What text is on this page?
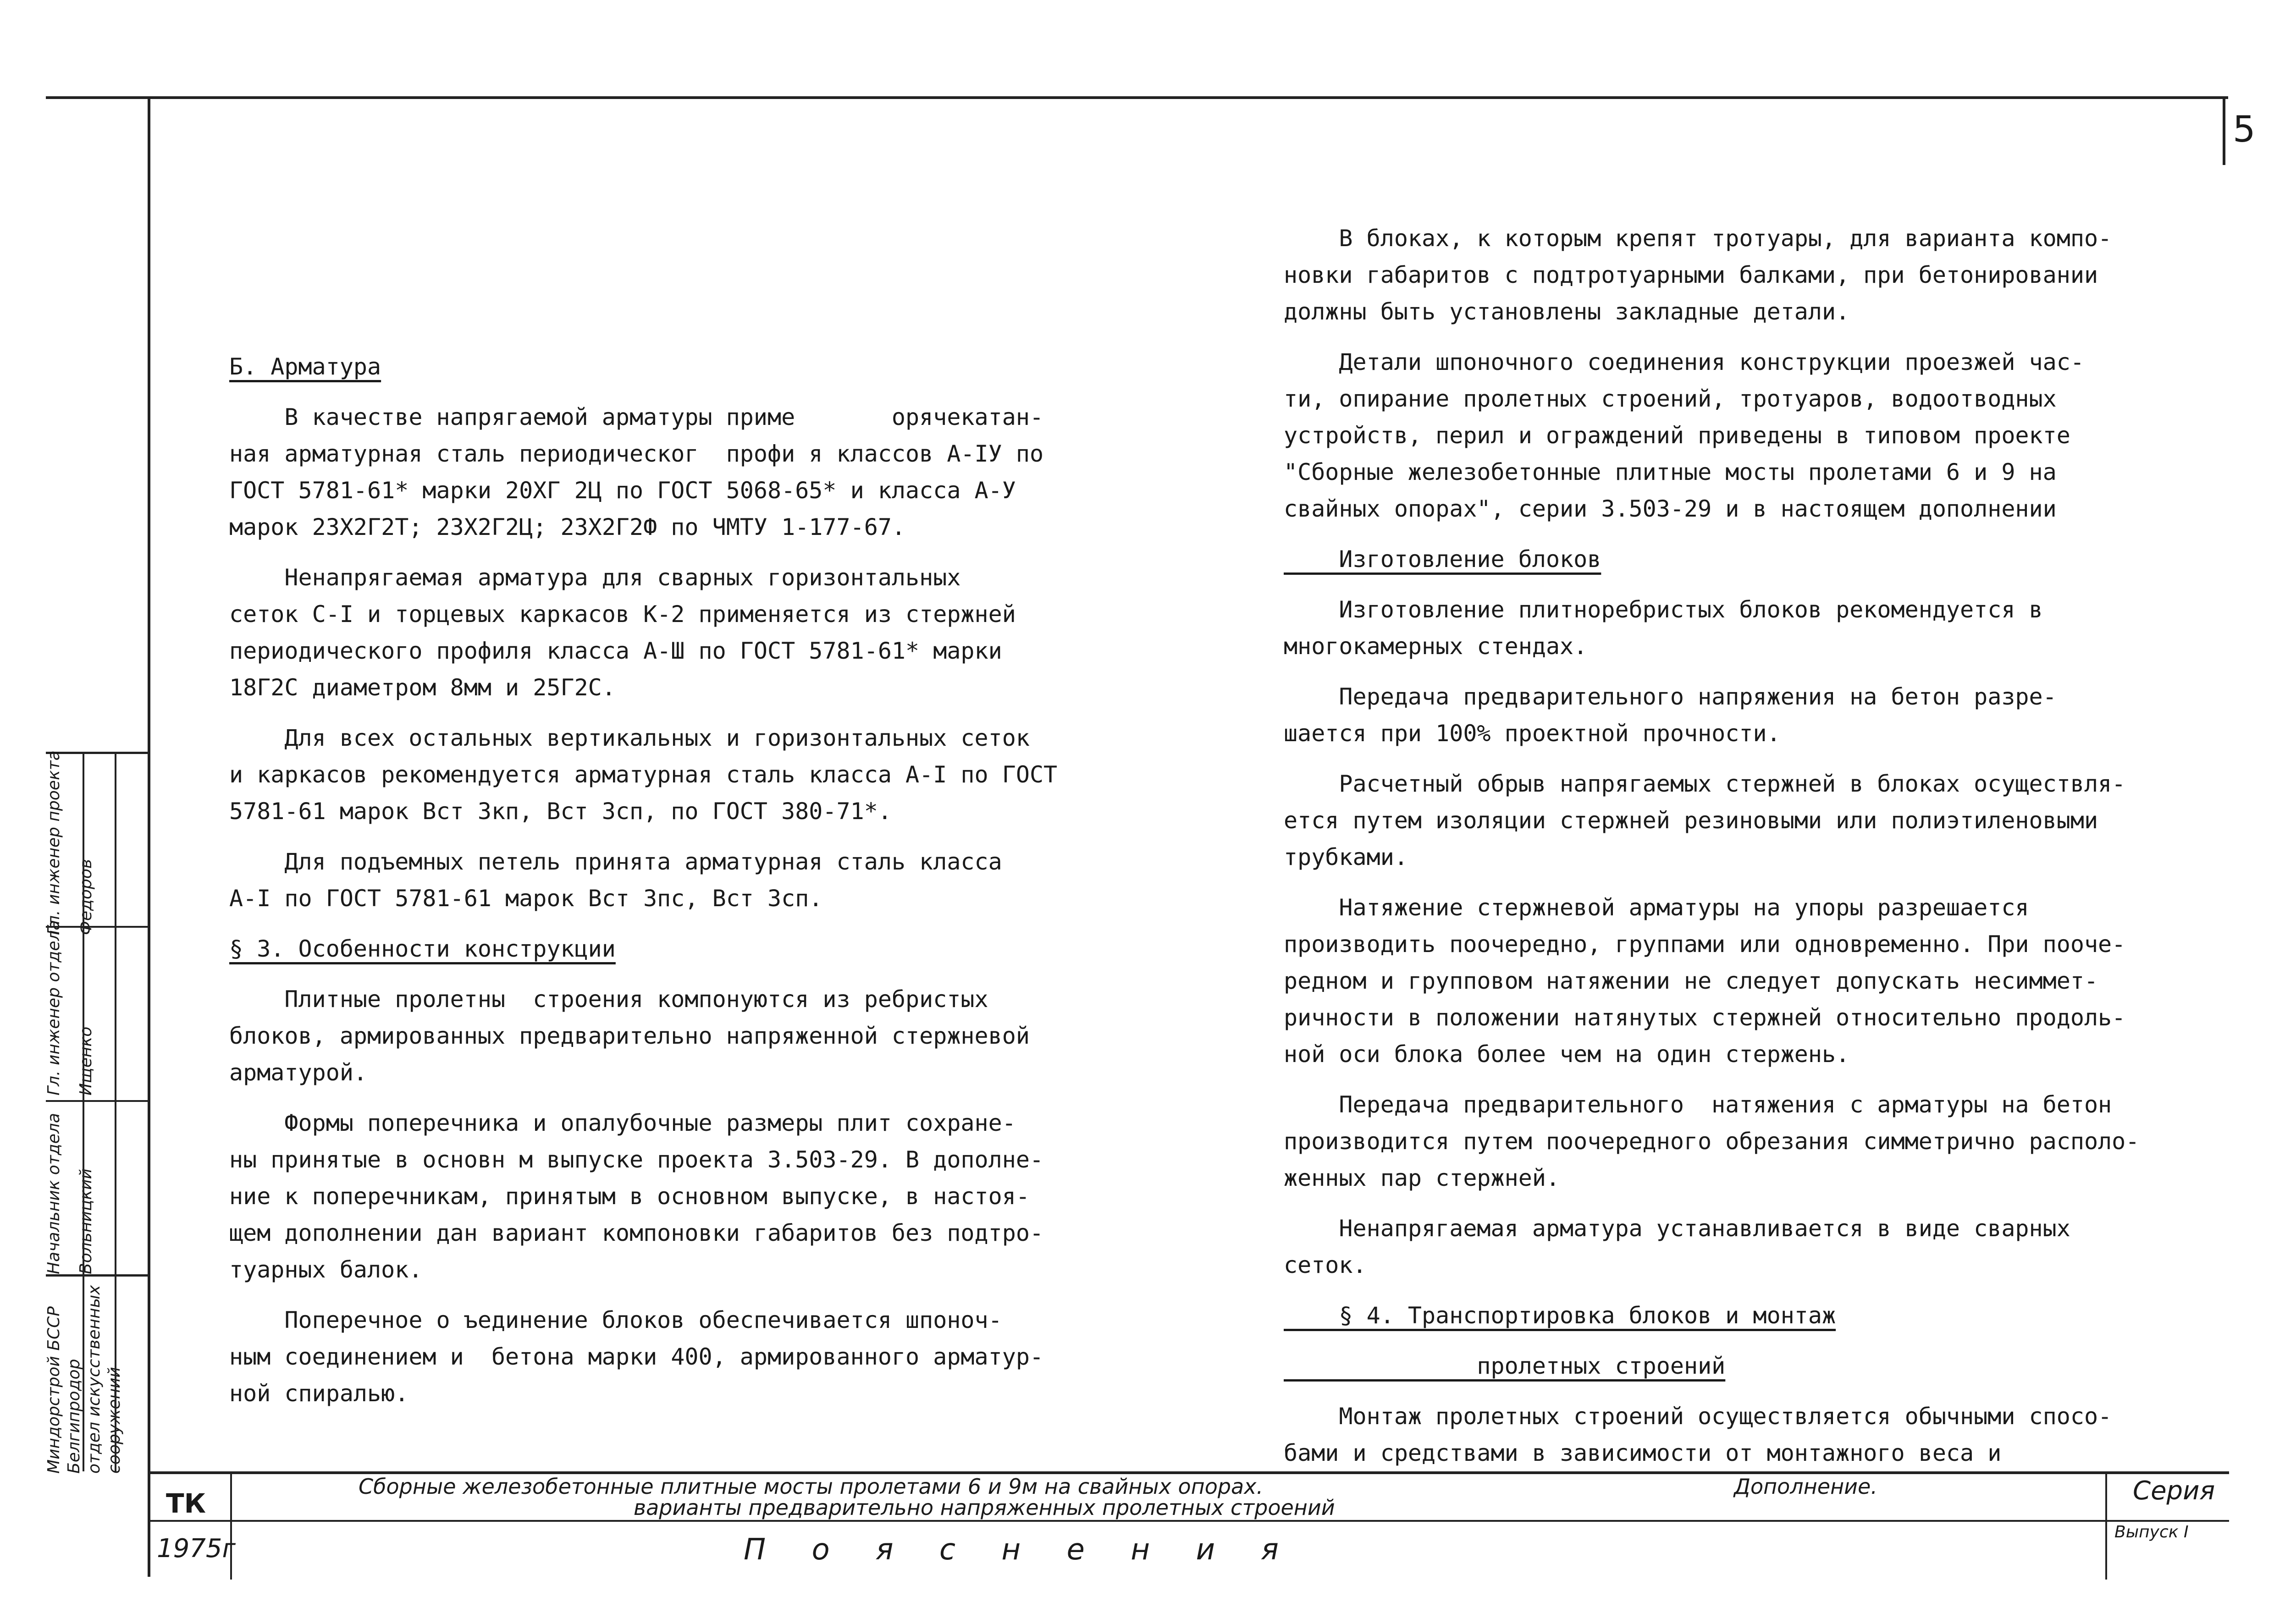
5

Б. Арматура

В качестве напрягаемой арматуры приме       орячекатан-

ная арматурная сталь периодическог  профи я классов А-IУ по

ГОСТ 5781-61* марки 20ХГ 2Ц по ГОСТ 5068-65* и класса А-У

марок 23Х2Г2Т; 23Х2Г2Ц; 23Х2Г2Ф по ЧМТУ 1-177-67.

Ненапрягаемая арматура для сварных горизонтальных

сеток С-I и торцевых каркасов К-2 применяется из стержней

периодического профиля класса А-Ш по ГОСТ 5781-61* марки

18Г2С диаметром 8мм и 25Г2С.

Для всех остальных вертикальных и горизонтальных сеток

и каркасов рекомендуется арматурная сталь класса А-I по ГОСТ

5781-61 марок Вст 3кп, Вст 3сп, по ГОСТ 380-71*.

Для подъемных петель принята арматурная сталь класса

А-I по ГОСТ 5781-61 марок Вст 3пс, Вст 3сп.

§ 3. Особенности конструкции

Плитные пролетны  строения компонуются из ребристых

блоков, армированных предварительно напряженной стержневой

арматурой.

Формы поперечника и опалубочные размеры плит сохране-

ны принятые в основн м выпуске проекта 3.503-29. В дополне-

ние к поперечникам, принятым в основном выпуске, в настоя-

щем дополнении дан вариант компоновки габаритов без подтро-

туарных балок.

Поперечное о ъединение блоков обеспечивается шпоноч-

ным соединением и  бетона марки 400, армированного арматур-

ной спиралью.

В блоках, к которым крепят тротуары, для варианта компо-

новки габаритов с подтротуарными балками, при бетонировании

должны быть установлены закладные детали.

Детали шпоночного соединения конструкции проезжей час-

ти, опирание пролетных строений, тротуаров, водоотводных

устройств, перил и ограждений приведены в типовом проекте

"Сборные железобетонные плитные мосты пролетами 6 и 9 на

свайных опорах", серии 3.503-29 и в настоящем дополнении

Изготовление блоков

Изготовление плитноребристых блоков рекомендуется в

многокамерных стендах.

Передача предварительного напряжения на бетон разре-

шается при 100% проектной прочности.

Расчетный обрыв напрягаемых стержней в блоках осуществля-

ется путем изоляции стержней резиновыми или полиэтиленовыми

трубками.

Натяжение стержневой арматуры на упоры разрешается

производить поочередно, группами или одновременно. При пооче-

редном и групповом натяжении не следует допускать несиммет-

ричности в положении натянутых стержней относительно продоль-

ной оси блока более чем на один стержень.

Передача предварительного  натяжения с арматуры на бетон

производится путем поочередного обрезания симметрично располо-

женных пар стержней.

Ненапрягаемая арматура устанавливается в виде сварных

сеток.

§ 4. Транспортировка блоков и монтаж

пролетных строений

Монтаж пролетных строений осуществляется обычными спосо-

бами и средствами в зависимости от монтажного веса и

Миндорстрой БССР Белгипродор отдел искусственных сооружений
Начальник отдела Вольницкий
Гл. инженер отдела Ищенко
Гл. инженер проекта Федоров
ТК
1975г
Сборные железобетонные плитные мосты пролетами 6 и 9м на свайных опорах.
варианты предварительно напряженных пролетных строений
Дополнение.	Серия
Выпуск I
П о я с н е н и я
